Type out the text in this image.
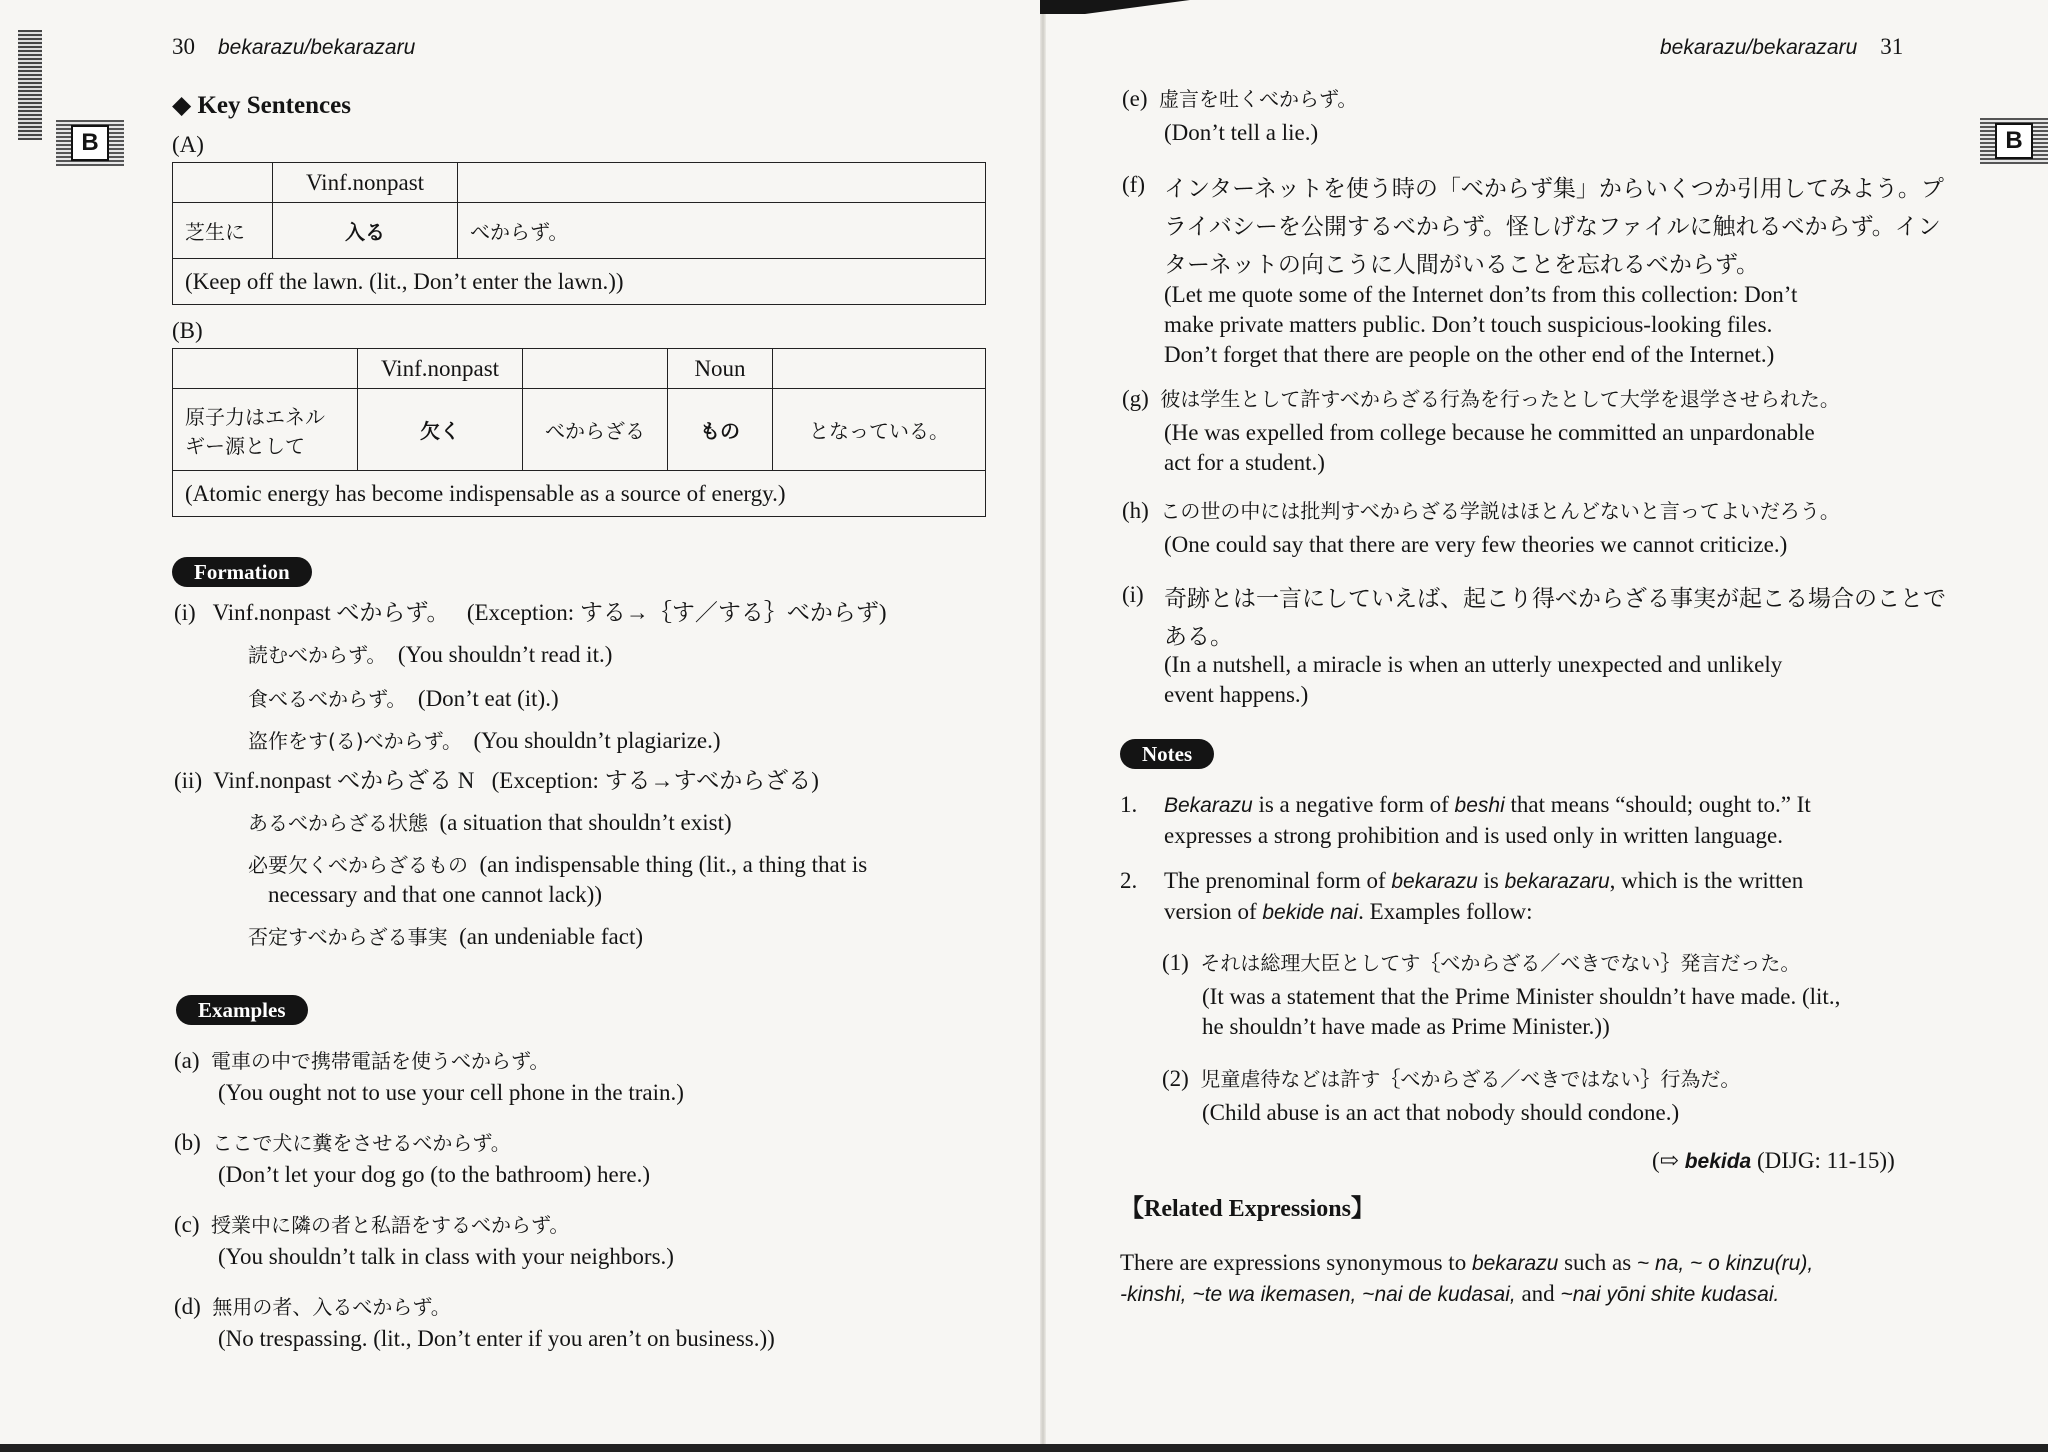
B
30 bekarazu/bekarazaru
◆ Key Sentences
(A)
	Vinf.nonpast	
芝生に	入る	べからず。
(Keep off the lawn. (lit., Don’t enter the lawn.))		
(B)
	Vinf.nonpast		Noun	

原子力はエネル
ギー源として	欠く	べからざる	もの	となっている。
(Atomic energy has become indispensable as a source of energy.)				
Formation
(i) Vinf.nonpast べからず。 (Exception: する→｛す／する｝べからず)
読むべからず。 (You shouldn’t read it.)
食べるべからず。 (Don’t eat (it).)
盗作をす(る)べからず。 (You shouldn’t plagiarize.)
(ii) Vinf.nonpast べからざる N (Exception: する→すべからざる)
あるべからざる状態 (a situation that shouldn’t exist)
必要欠くべからざるもの (an indispensable thing (lit., a thing that is
necessary and that one cannot lack))
否定すべからざる事実 (an undeniable fact)
Examples
(a) 電車の中で携帯電話を使うべからず。
(You ought not to use your cell phone in the train.)
(b) ここで犬に糞をさせるべからず。
(Don’t let your dog go (to the bathroom) here.)
(c) 授業中に隣の者と私語をするべからず。
(You shouldn’t talk in class with your neighbors.)
(d) 無用の者、入るべからず。
(No trespassing. (lit., Don’t enter if you aren’t on business.))
bekarazu/bekarazaru 31
B
(e) 虚言を吐くべからず。
(Don’t tell a lie.)
(f) インターネットを使う時の「べからず集」からいくつか引用してみよう。プ
ライバシーを公開するべからず。怪しげなファイルに触れるべからず。イン
ターネットの向こうに人間がいることを忘れるべからず。
(Let me quote some of the Internet don’ts from this collection: Don’t
make private matters public. Don’t touch suspicious-looking files.
Don’t forget that there are people on the other end of the Internet.)
(g) 彼は学生として許すべからざる行為を行ったとして大学を退学させられた。
(He was expelled from college because he committed an unpardonable
act for a student.)
(h) この世の中には批判すべからざる学説はほとんどないと言ってよいだろう。
(One could say that there are very few theories we cannot criticize.)
(i) 奇跡とは一言にしていえば、起こり得べからざる事実が起こる場合のことで
ある。
(In a nutshell, a miracle is when an utterly unexpected and unlikely
event happens.)
Notes
1. Bekarazu is a negative form of beshi that means “should; ought to.” It
expresses a strong prohibition and is used only in written language.
2. The prenominal form of bekarazu is bekarazaru, which is the written
version of bekide nai. Examples follow:
(1) それは総理大臣としてす｛べからざる／べきでない｝発言だった。
(It was a statement that the Prime Minister shouldn’t have made. (lit.,
he shouldn’t have made as Prime Minister.))
(2) 児童虐待などは許す｛べからざる／べきではない｝行為だ。
(Child abuse is an act that nobody should condone.)
(⇨ bekida (DIJG: 11-15))
【Related Expressions】
There are expressions synonymous to bekarazu such as ~ na, ~ o kinzu(ru),
-kinshi, ~te wa ikemasen, ~nai de kudasai, and ~nai yōni shite kudasai.
